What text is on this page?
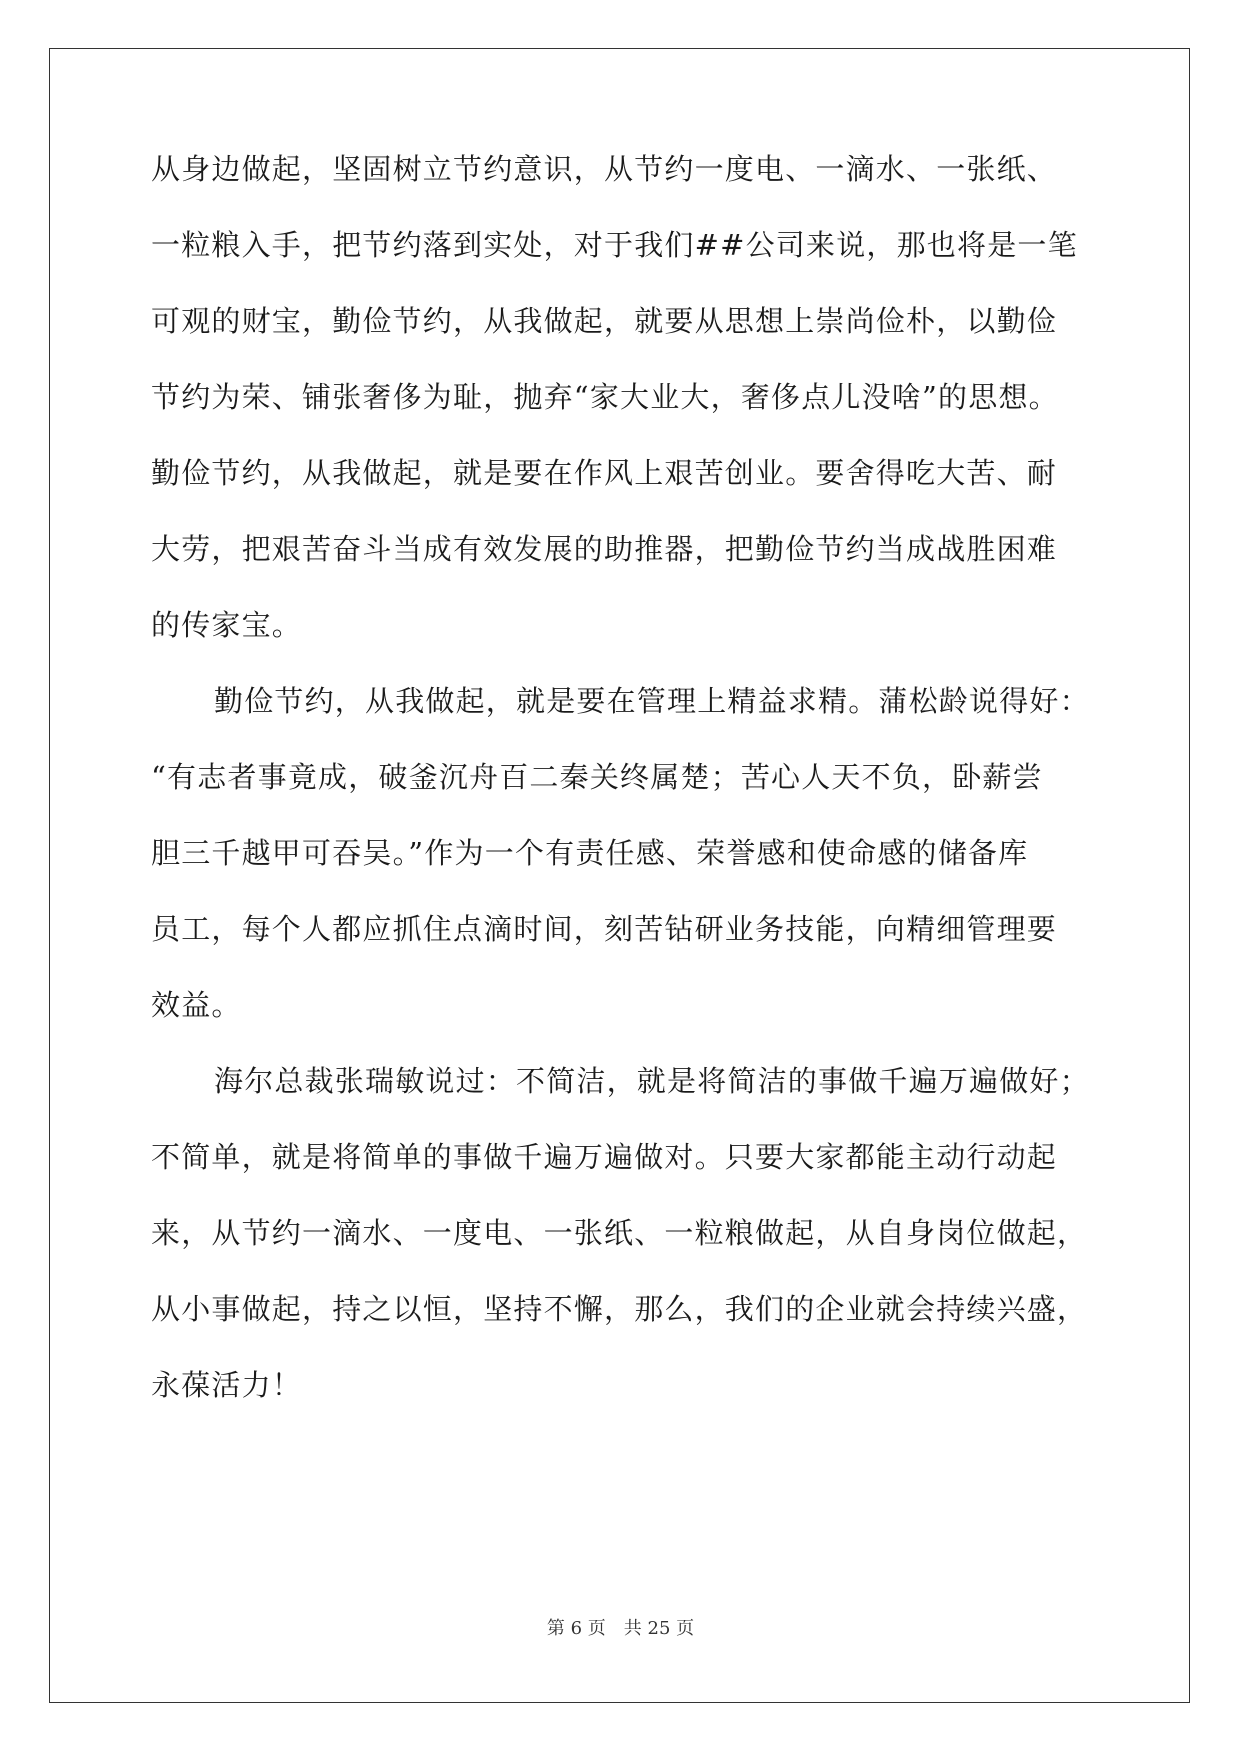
从身边做起，坚固树立节约意识，从节约一度电、一滴水、一张纸、
一粒粮入手，把节约落到实处，对于我们##公司来说，那也将是一笔
可观的财宝，勤俭节约，从我做起，就要从思想上崇尚俭朴，以勤俭
节约为荣、铺张奢侈为耻，抛弃“家大业大，奢侈点儿没啥”的思想。
勤俭节约，从我做起，就是要在作风上艰苦创业。要舍得吃大苦、耐
大劳，把艰苦奋斗当成有效发展的助推器，把勤俭节约当成战胜困难
的传家宝。
勤俭节约，从我做起，就是要在管理上精益求精。蒲松龄说得好：
“有志者事竟成，破釜沉舟百二秦关终属楚；苦心人天不负，卧薪尝
胆三千越甲可吞吴。”作为一个有责任感、荣誉感和使命感的储备库
员工，每个人都应抓住点滴时间，刻苦钻研业务技能，向精细管理要
效益。
海尔总裁张瑞敏说过：不简洁，就是将简洁的事做千遍万遍做好；
不简单，就是将简单的事做千遍万遍做对。只要大家都能主动行动起
来，从节约一滴水、一度电、一张纸、一粒粮做起，从自身岗位做起，
从小事做起，持之以恒，坚持不懈，那么，我们的企业就会持续兴盛，
永葆活力！
第 6 页 共 25 页
